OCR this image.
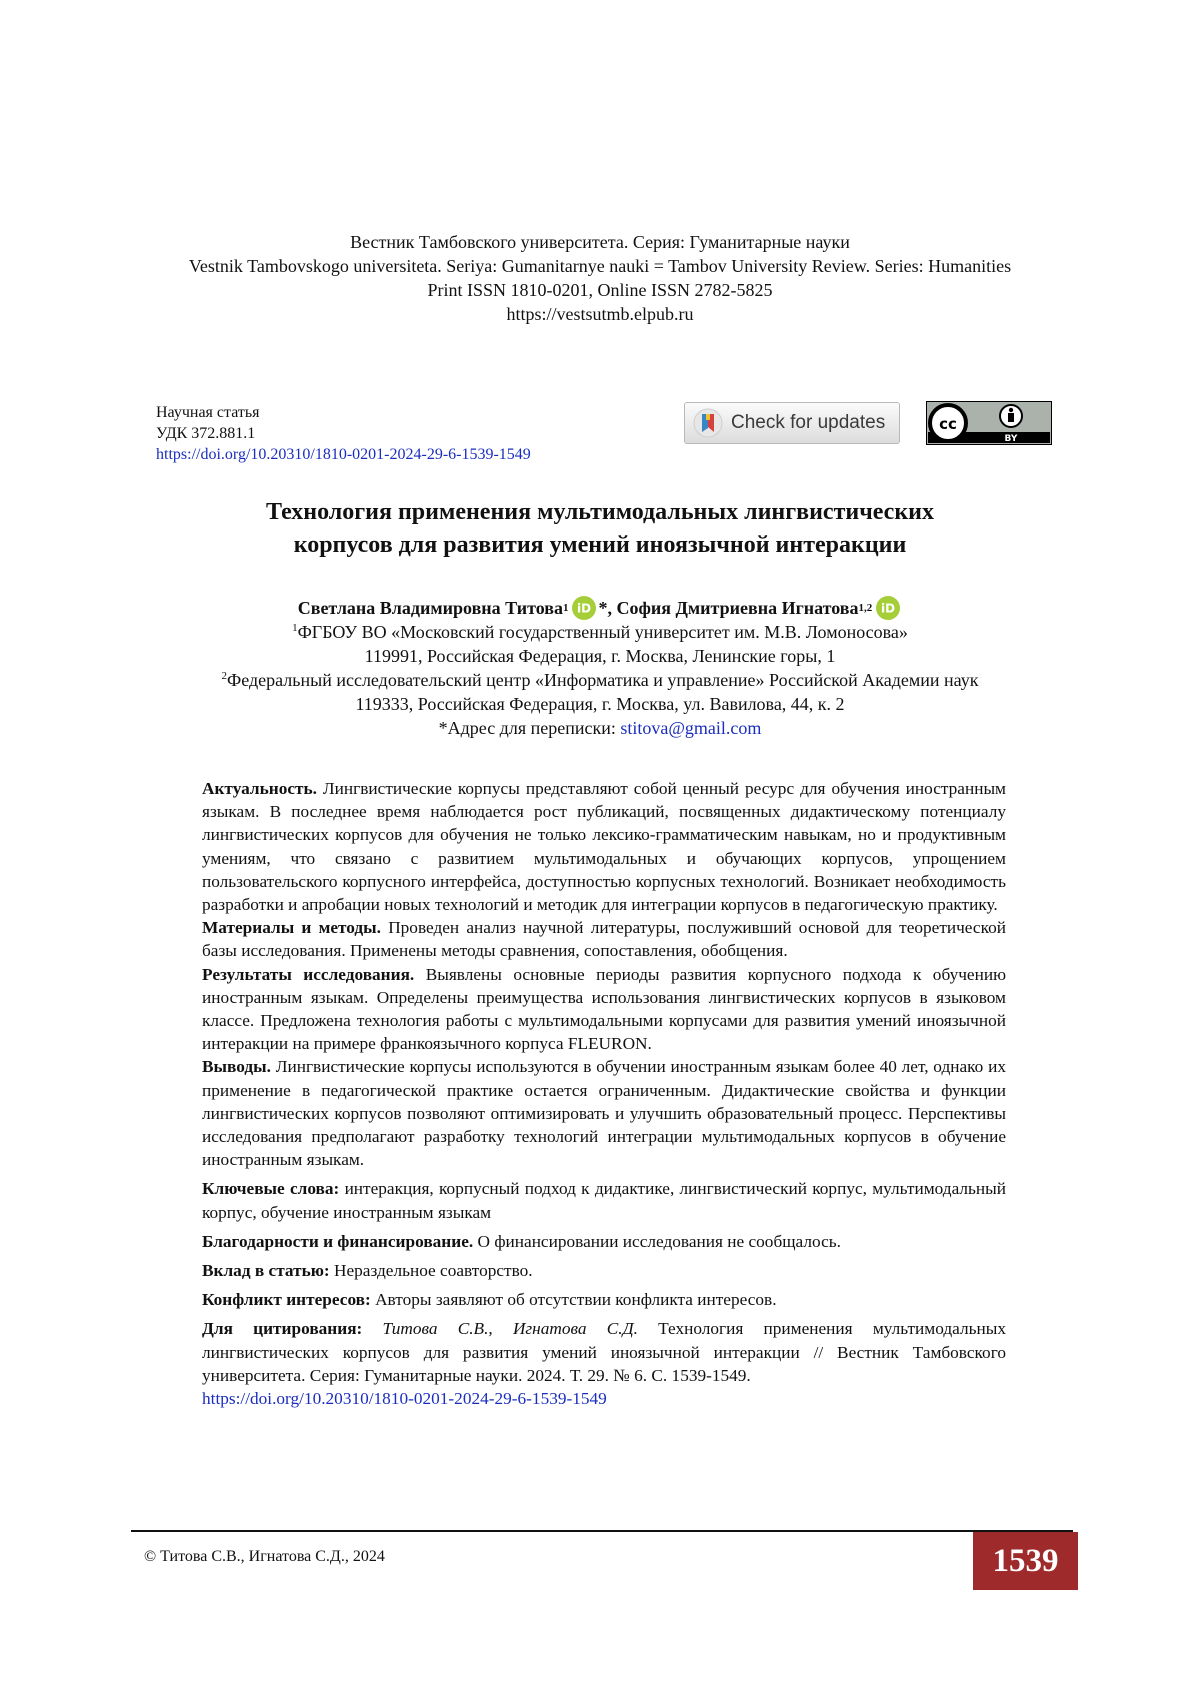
Вестник Тамбовского университета. Серия: Гуманитарные науки
Vestnik Tambovskogo universiteta. Seriya: Gumanitarnye nauki = Tambov University Review. Series: Humanities
Print ISSN 1810-0201, Online ISSN 2782-5825
https://vestsutmb.elpub.ru
Научная статья
УДК 372.881.1
https://doi.org/10.20310/1810-0201-2024-29-6-1539-1549
Check for updates	cc
BY
Технология применения мультимодальных лингвистических
корпусов для развития умений иноязычной интеракции
Светлана Владимировна Титова 1 iD *,
София Дмитриевна Игнатова 1,2 iD
$^1$ФГБОУ ВО «Московский государственный университет им. М.В. Ломоносова»
119991, Российская Федерация, г. Москва, Ленинские горы, 1
$^2$Федеральный исследовательский центр «Информатика и управление» Российской Академии наук
119333, Российская Федерация, г. Москва, ул. Вавилова, 44, к. 2
*Адрес для переписки: stitova@gmail.com

Актуальность. Лингвистические корпусы представляют собой ценный ресурс для обучения иностранным языкам. В последнее время наблюдается рост публикаций, посвященных дидактическому потенциалу лингвистических корпусов для обучения не только лексико-грамматическим навыкам, но и продуктивным умениям, что связано с развитием мультимодальных и обучающих корпусов, упрощением пользовательского корпусного интерфейса, доступностью корпусных технологий. Возникает необходимость разработки и апробации новых технологий и методик для интеграции корпусов в педагогическую практику.

Материалы и методы. Проведен анализ научной литературы, послуживший основой для теоретической базы исследования. Применены методы сравнения, сопоставления, обобщения.

Результаты исследования. Выявлены основные периоды развития корпусного подхода к обучению иностранным языкам. Определены преимущества использования лингвистических корпусов в языковом классе. Предложена технология работы с мультимодальными корпусами для развития умений иноязычной интеракции на примере франкоязычного корпуса FLEURON.

Выводы. Лингвистические корпусы используются в обучении иностранным языкам более 40 лет, однако их применение в педагогической практике остается ограниченным. Дидактические свойства и функции лингвистических корпусов позволяют оптимизировать и улучшить образовательный процесс. Перспективы исследования предполагают разработку технологий интеграции мультимодальных корпусов в обучение иностранным языкам.

Ключевые слова: интеракция, корпусный подход к дидактике, лингвистический корпус, мультимодальный корпус, обучение иностранным языкам

Благодарности и финансирование. О финансировании исследования не сообщалось.

Вклад в статью: Нераздельное соавторство.

Конфликт интересов: Авторы заявляют об отсутствии конфликта интересов.

Для цитирования: Титова С.В., Игнатова С.Д. Технология применения мультимодальных лингвистических корпусов для развития умений иноязычной интеракции // Вестник Тамбовского университета. Серия: Гуманитарные науки. 2024. Т. 29. № 6. С. 1539-1549.
https://doi.org/10.20310/1810-0201-2024-29-6-1539-1549

© Титова С.В., Игнатова С.Д., 2024	1539
